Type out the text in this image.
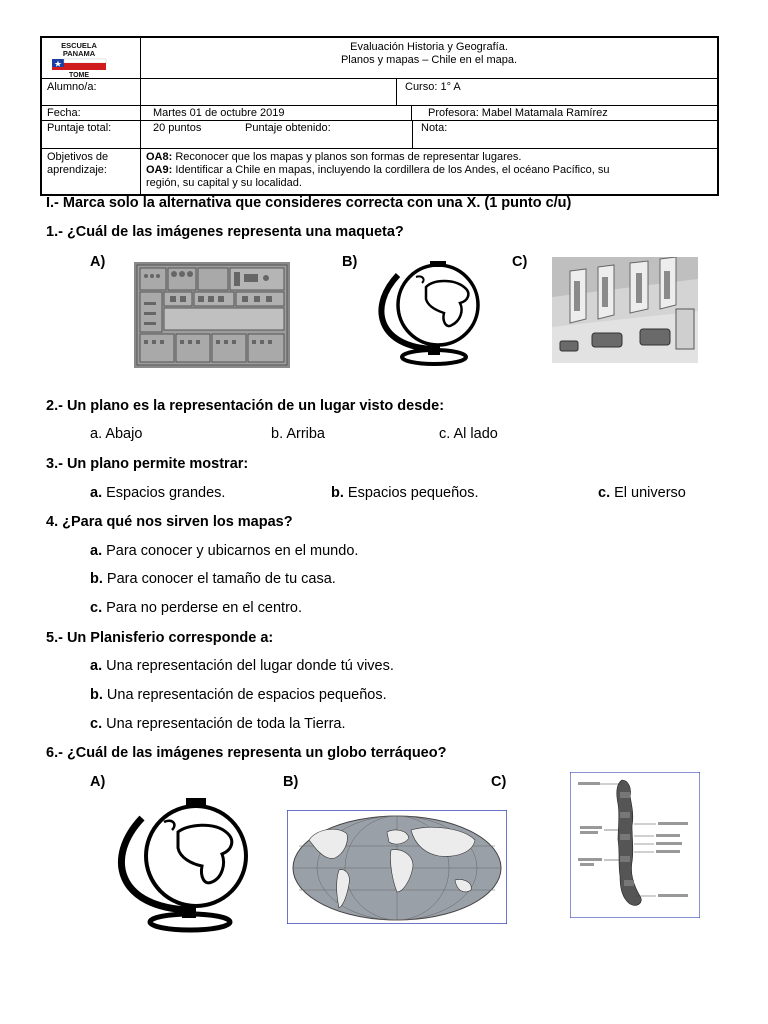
ESCUELA
PANAMA
TOME
Evaluación Historia y Geografía.
Planos y mapas – Chile en el mapa.
Alumno/a:	Curso: 1° A
Fecha:	Martes 01 de octubre 2019	Profesora: Mabel Matamala Ramírez
Puntaje total:	20 puntos	Puntaje obtenido:	Nota:
Objetivos de
aprendizaje:
OA8: Reconocer que los mapas y planos son formas de representar lugares.
OA9: Identificar a Chile en mapas, incluyendo la cordillera de los Andes, el océano Pacífico, su
región, su capital y su localidad.
I.- Marca solo la alternativa que consideres correcta con una X. (1 punto c/u)
1.- ¿Cuál de las imágenes representa una maqueta?
A)	B)	C)
2.- Un plano es la representación de un lugar visto desde:
a. Abajo	b. Arriba	c. Al lado
3.- Un plano permite mostrar:
a. Espacios grandes.	b. Espacios pequeños.	c. El universo
4. ¿Para qué nos sirven los mapas?
a. Para conocer y ubicarnos en el mundo.
b. Para conocer el tamaño de tu casa.
c. Para no perderse en el centro.
5.- Un Planisferio corresponde a:
a. Una representación del lugar donde tú vives.
b. Una representación de espacios pequeños.
c. Una representación de toda la Tierra.
6.- ¿Cuál de las imágenes representa un globo terráqueo?
A)	B)	C)
